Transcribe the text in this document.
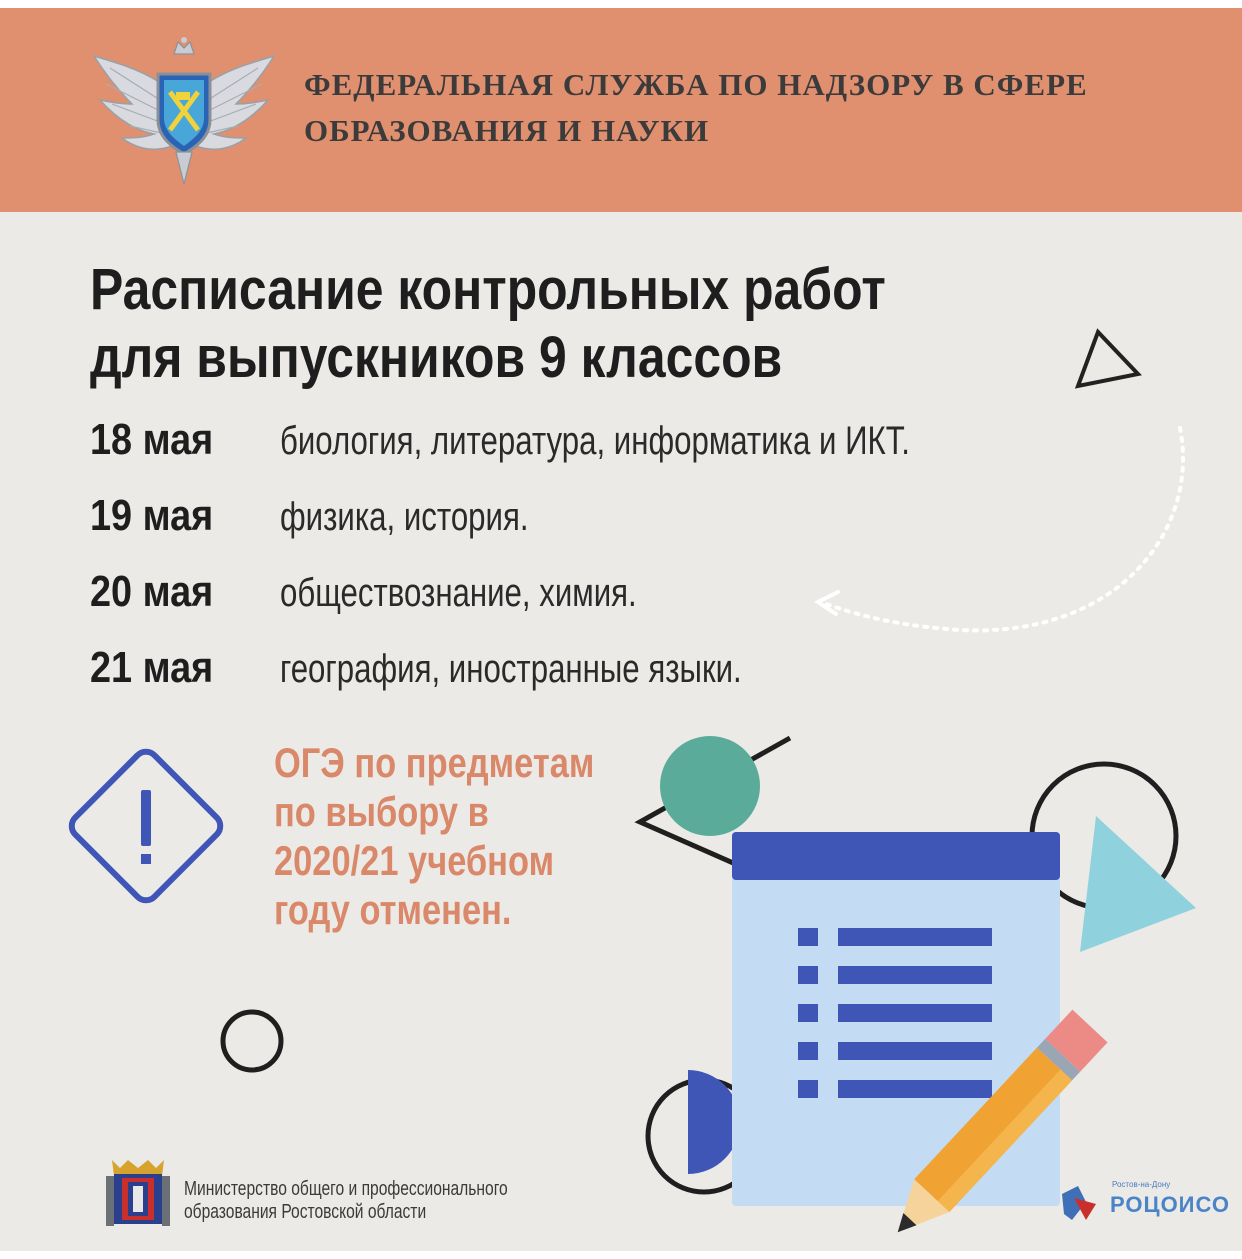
ФЕДЕРАЛЬНАЯ СЛУЖБА ПО НАДЗОРУ В СФЕРЕ
ОБРАЗОВАНИЯ И НАУКИ
Расписание контрольных работ
для выпускников 9 классов
18 мая биология, литература, информатика и ИКТ.
19 мая физика, история.
20 мая обществознание, химия.
21 мая география, иностранные языки.

ОГЭ по предметам
по выбору в
2020/21 учебном
году отменен.

Министерство общего и профессионального
образования Ростовской области
Ростов-на-Дону
РОЦОИСО
